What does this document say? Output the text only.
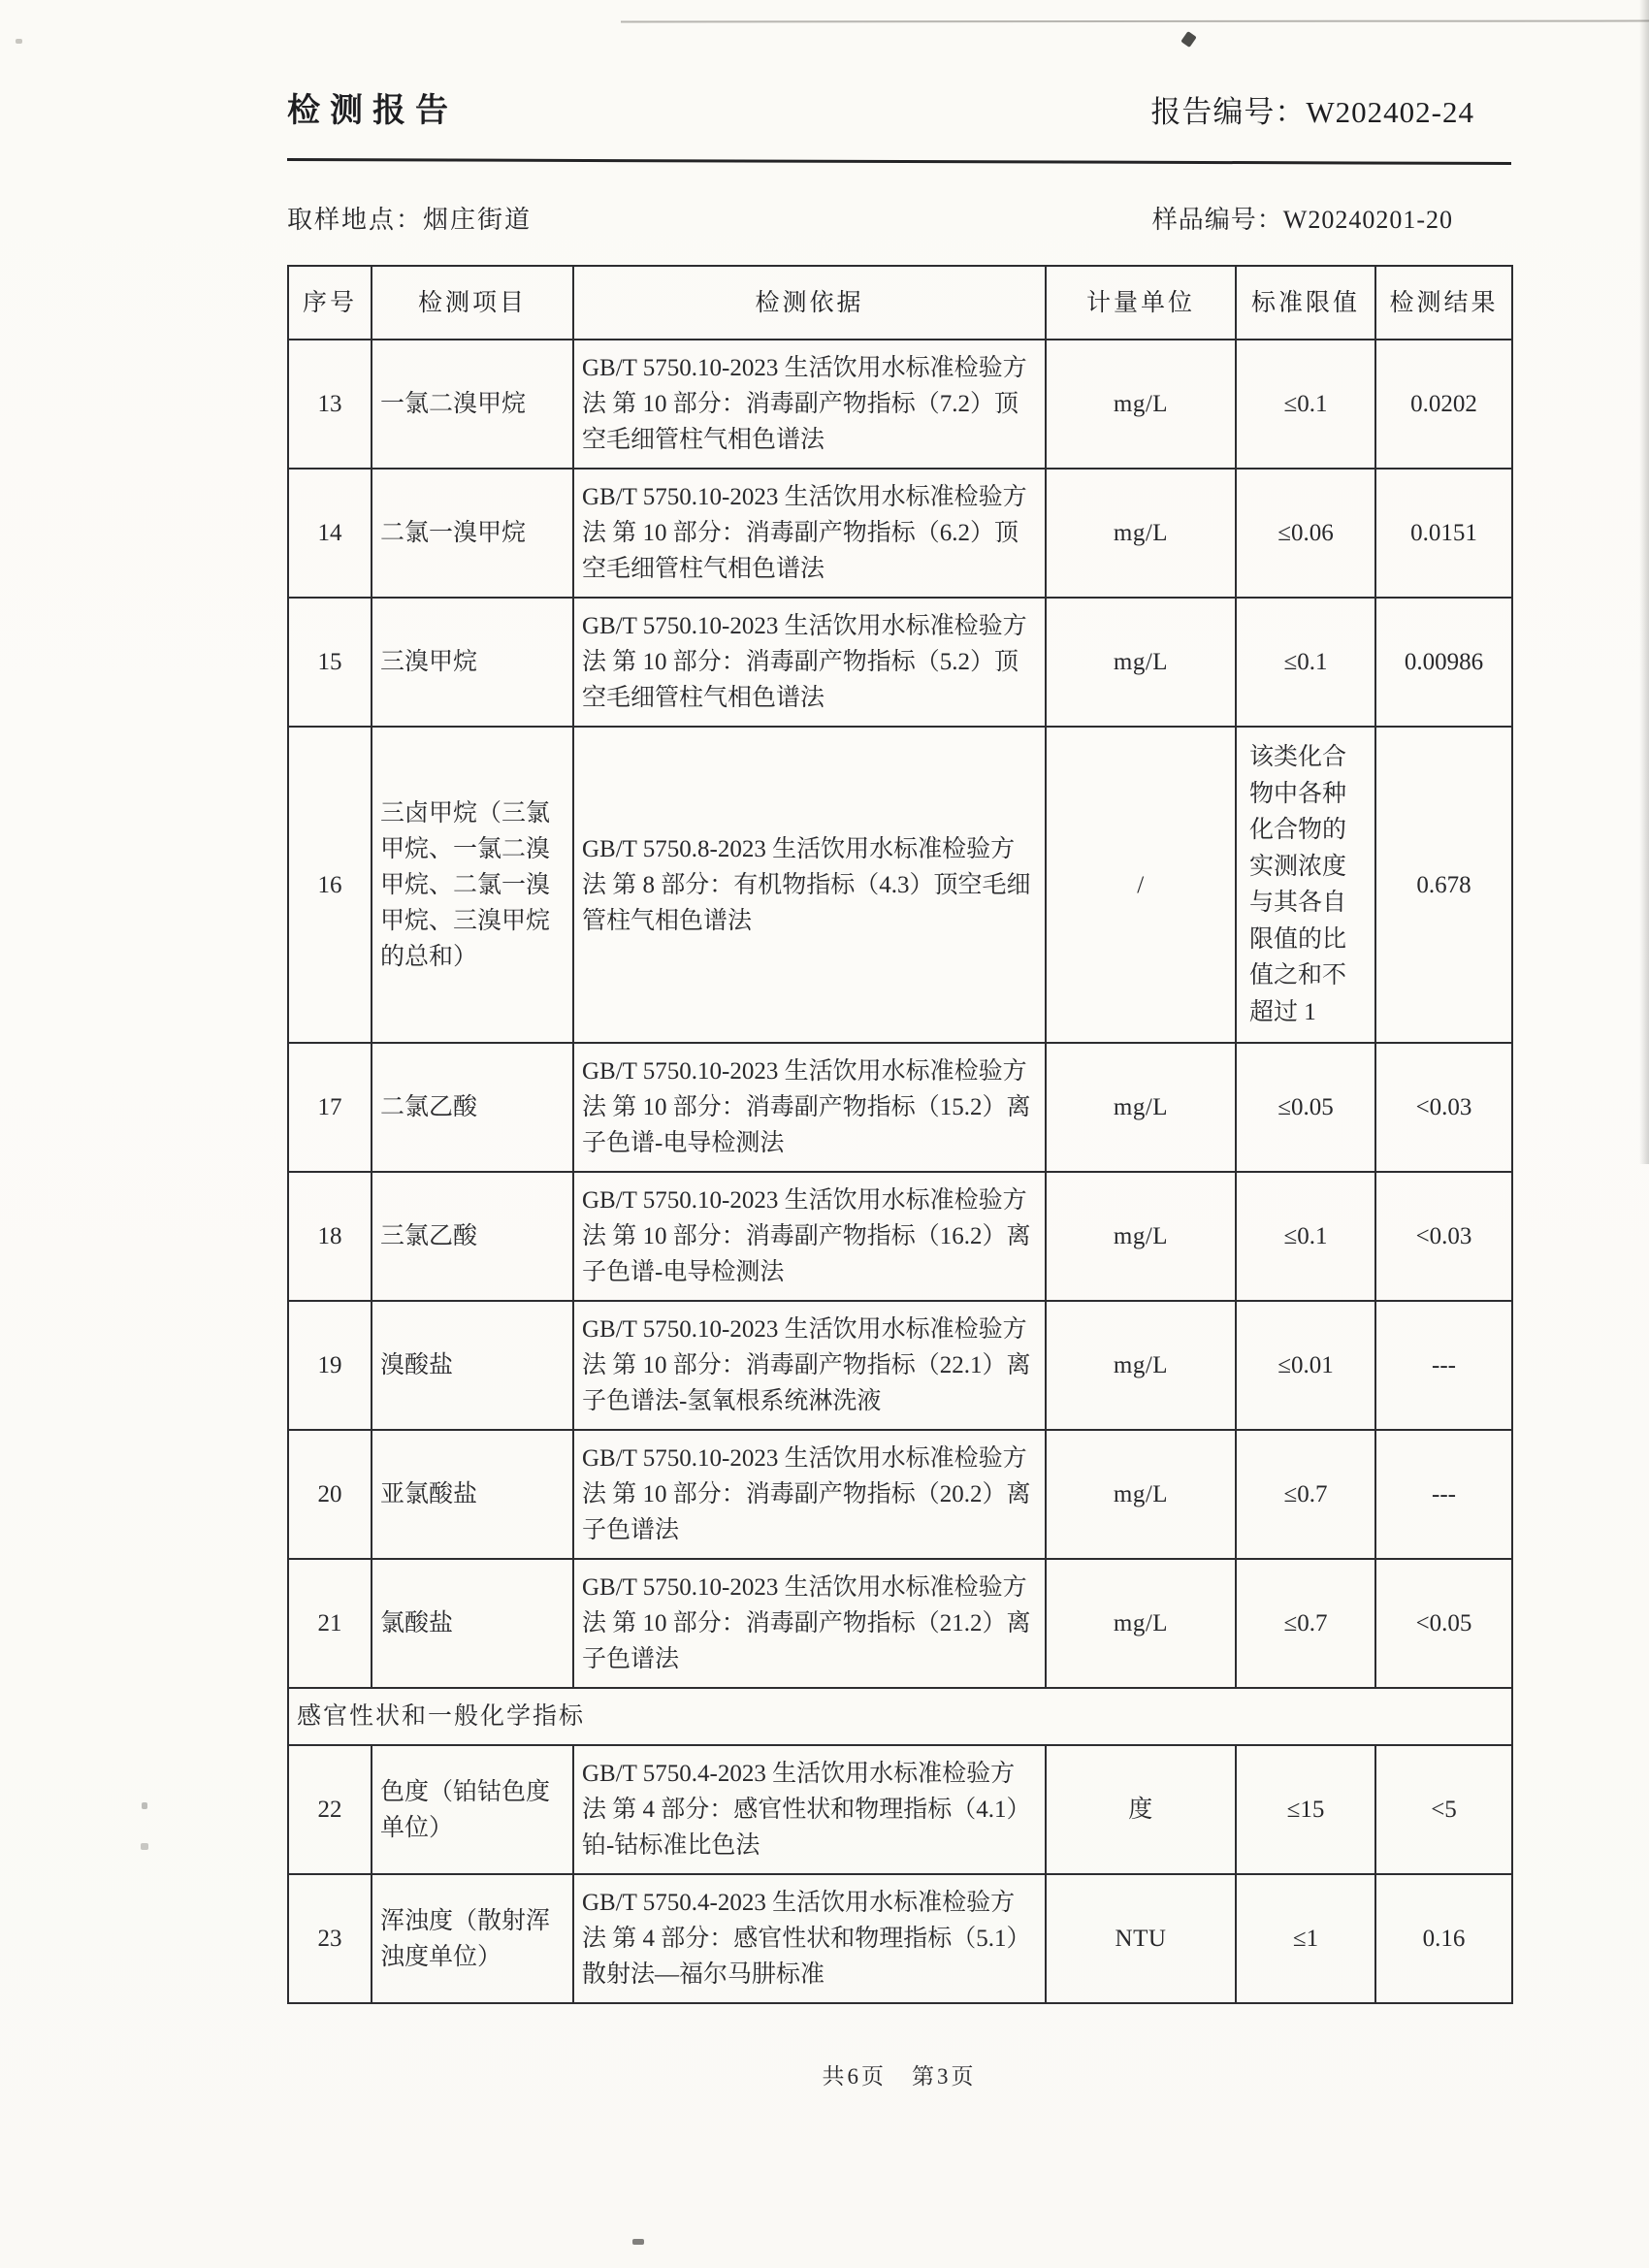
检测报告	报告编号：W202402-24
取样地点：烟庄街道	样品编号：W20240201-20
序号	检测项目	检测依据	计量单位	标准限值	检测结果
13	一氯二溴甲烷	GB/T 5750.10-2023 生活饮用水标准检验方法 第 10 部分：消毒副产物指标（7.2）顶空毛细管柱气相色谱法	mg/L	≤0.1	0.0202
14	二氯一溴甲烷	GB/T 5750.10-2023 生活饮用水标准检验方法 第 10 部分：消毒副产物指标（6.2）顶空毛细管柱气相色谱法	mg/L	≤0.06	0.0151
15	三溴甲烷	GB/T 5750.10-2023 生活饮用水标准检验方法 第 10 部分：消毒副产物指标（5.2）顶空毛细管柱气相色谱法	mg/L	≤0.1	0.00986
16	三卤甲烷（三氯甲烷、一氯二溴甲烷、二氯一溴甲烷、三溴甲烷的总和）	GB/T 5750.8-2023 生活饮用水标准检验方法 第 8 部分：有机物指标（4.3）顶空毛细管柱气相色谱法	/	该类化合物中各种化合物的实测浓度与其各自限值的比值之和不超过 1	0.678
17	二氯乙酸	GB/T 5750.10-2023 生活饮用水标准检验方法 第 10 部分：消毒副产物指标（15.2）离子色谱-电导检测法	mg/L	≤0.05	<0.03
18	三氯乙酸	GB/T 5750.10-2023 生活饮用水标准检验方法 第 10 部分：消毒副产物指标（16.2）离子色谱-电导检测法	mg/L	≤0.1	<0.03
19	溴酸盐	GB/T 5750.10-2023 生活饮用水标准检验方法 第 10 部分：消毒副产物指标（22.1）离子色谱法-氢氧根系统淋洗液	mg/L	≤0.01	---
20	亚氯酸盐	GB/T 5750.10-2023 生活饮用水标准检验方法 第 10 部分：消毒副产物指标（20.2）离子色谱法	mg/L	≤0.7	---
21	氯酸盐	GB/T 5750.10-2023 生活饮用水标准检验方法 第 10 部分：消毒副产物指标（21.2）离子色谱法	mg/L	≤0.7	<0.05
感官性状和一般化学指标					
22	色度（铂钴色度单位）	GB/T 5750.4-2023 生活饮用水标准检验方法 第 4 部分：感官性状和物理指标（4.1） 铂-钴标准比色法	度	≤15	<5
23	浑浊度（散射浑浊度单位）	GB/T 5750.4-2023 生活饮用水标准检验方法 第 4 部分：感官性状和物理指标（5.1） 散射法—福尔马肼标准	NTU	≤1	0.16
共6页 第3页
